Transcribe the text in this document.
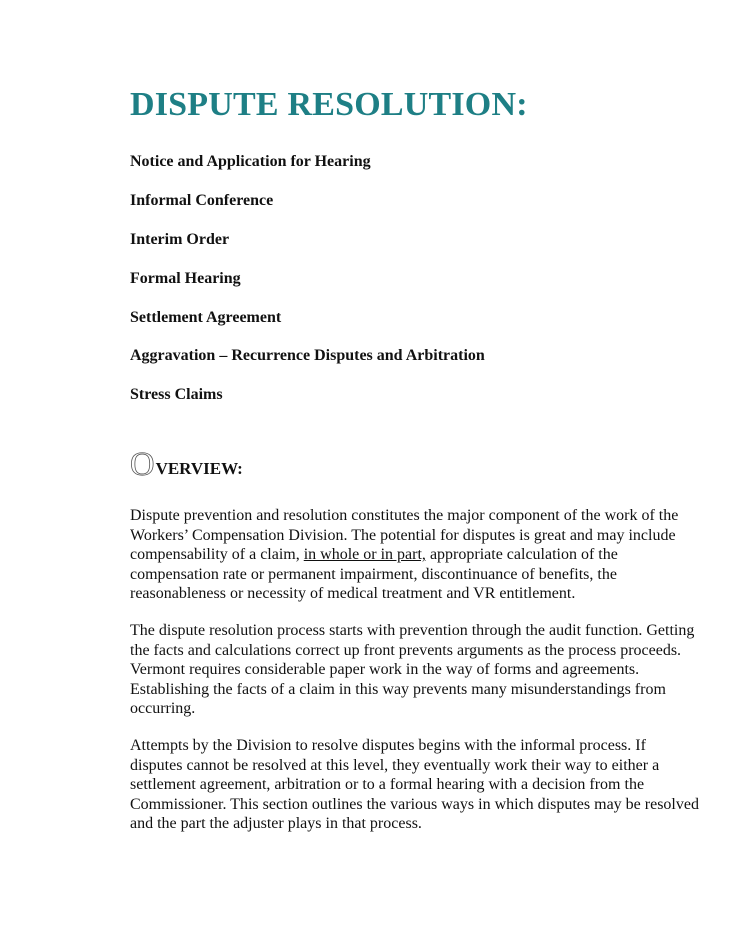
DISPUTE RESOLUTION:
Notice and Application for Hearing
Informal Conference
Interim Order
Formal Hearing
Settlement Agreement
Aggravation – Recurrence Disputes and Arbitration
Stress Claims
O VERVIEW:

Dispute prevention and resolution constitutes the major component of the work of the Workers’ Compensation Division. The potential for disputes is great and may include compensability of a claim, in whole or in part, appropriate calculation of the compensation rate or permanent impairment, discontinuance of benefits, the reasonableness or necessity of medical treatment and VR entitlement.

The dispute resolution process starts with prevention through the audit function. Getting the facts and calculations correct up front prevents arguments as the process proceeds. Vermont requires considerable paper work in the way of forms and agreements. Establishing the facts of a claim in this way prevents many misunderstandings from occurring.

Attempts by the Division to resolve disputes begins with the informal process. If disputes cannot be resolved at this level, they eventually work their way to either a settlement agreement, arbitration or to a formal hearing with a decision from the Commissioner. This section outlines the various ways in which disputes may be resolved and the part the adjuster plays in that process.
